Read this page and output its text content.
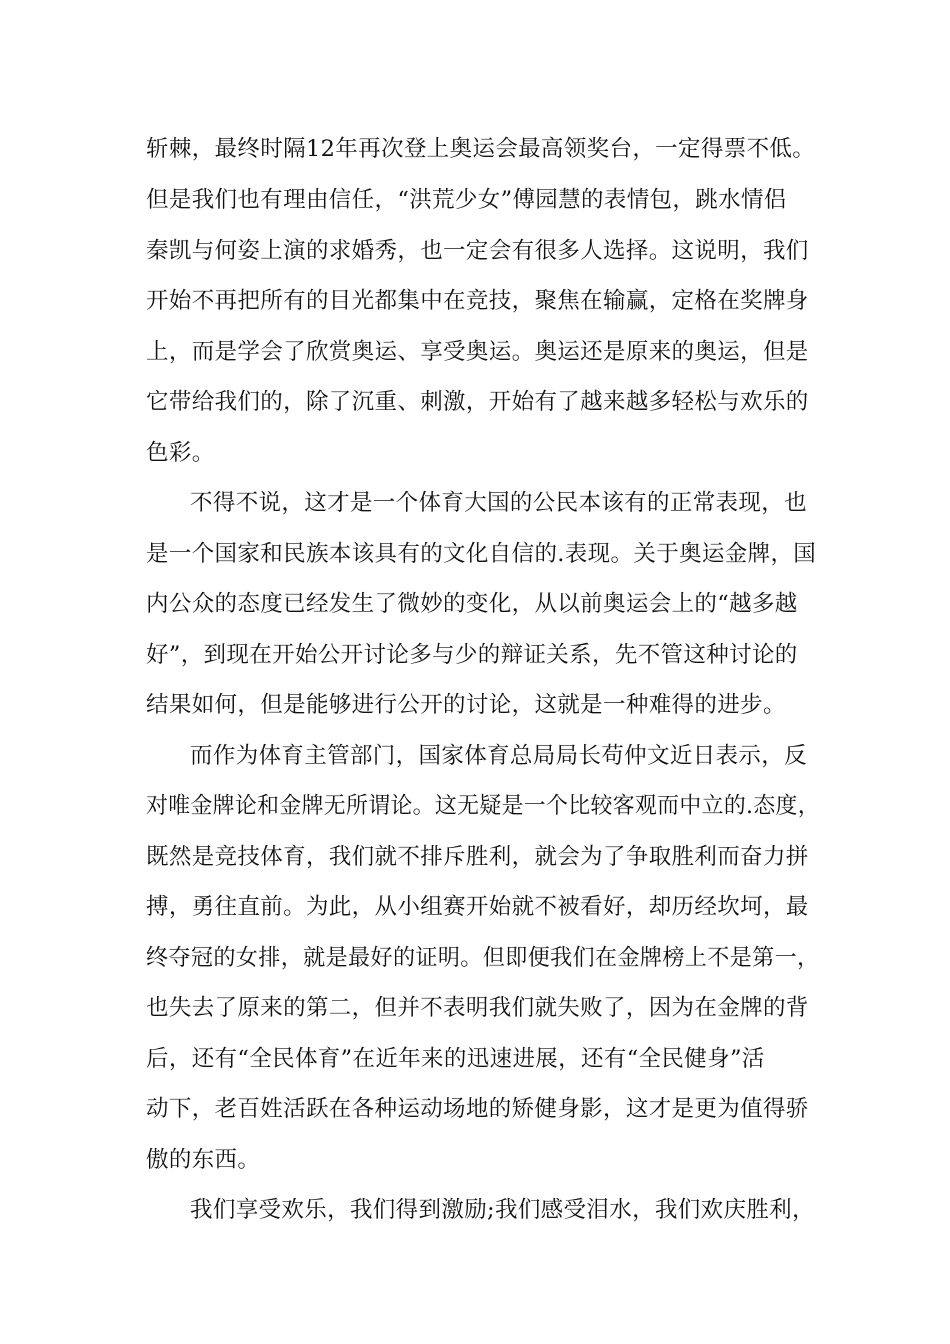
斩棘，最终时隔12年再次登上奥运会最高领奖台，一定得票不低。
但是我们也有理由信任，“洪荒少女”傅园慧的表情包，跳水情侣
秦凯与何姿上演的求婚秀，也一定会有很多人选择。这说明，我们
开始不再把所有的目光都集中在竞技，聚焦在输赢，定格在奖牌身
上，而是学会了欣赏奥运、享受奥运。奥运还是原来的奥运，但是
它带给我们的，除了沉重、刺激，开始有了越来越多轻松与欢乐的
色彩。
不得不说，这才是一个体育大国的公民本该有的正常表现，也
是一个国家和民族本该具有的文化自信的.表现。关于奥运金牌，国
内公众的态度已经发生了微妙的变化，从以前奥运会上的“越多越
好”，到现在开始公开讨论多与少的辩证关系，先不管这种讨论的
结果如何，但是能够进行公开的讨论，这就是一种难得的进步。
而作为体育主管部门，国家体育总局局长苟仲文近日表示，反
对唯金牌论和金牌无所谓论。这无疑是一个比较客观而中立的.态度，
既然是竞技体育，我们就不排斥胜利，就会为了争取胜利而奋力拼
搏，勇往直前。为此，从小组赛开始就不被看好，却历经坎坷，最
终夺冠的女排，就是最好的证明。但即便我们在金牌榜上不是第一，
也失去了原来的第二，但并不表明我们就失败了，因为在金牌的背
后，还有“全民体育”在近年来的迅速进展，还有“全民健身”活
动下，老百姓活跃在各种运动场地的矫健身影，这才是更为值得骄
傲的东西。
我们享受欢乐，我们得到激励;我们感受泪水，我们欢庆胜利，
